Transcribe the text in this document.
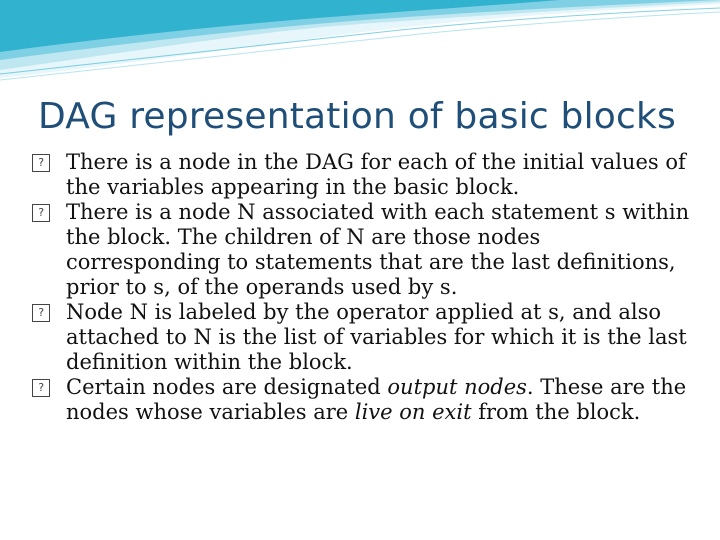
DAG representation of basic blocks
? There is a node in the DAG for each of the initial values of the variables appearing in the basic block.
? There is a node N associated with each statement s within the block. The children of N are those nodes corresponding to statements that are the last definitions, prior to s, of the operands used by s.
? Node N is labeled by the operator applied at s, and also attached to N is the list of variables for which it is the last definition within the block.
? Certain nodes are designated output nodes. These are the nodes whose variables are live on exit from the block.
